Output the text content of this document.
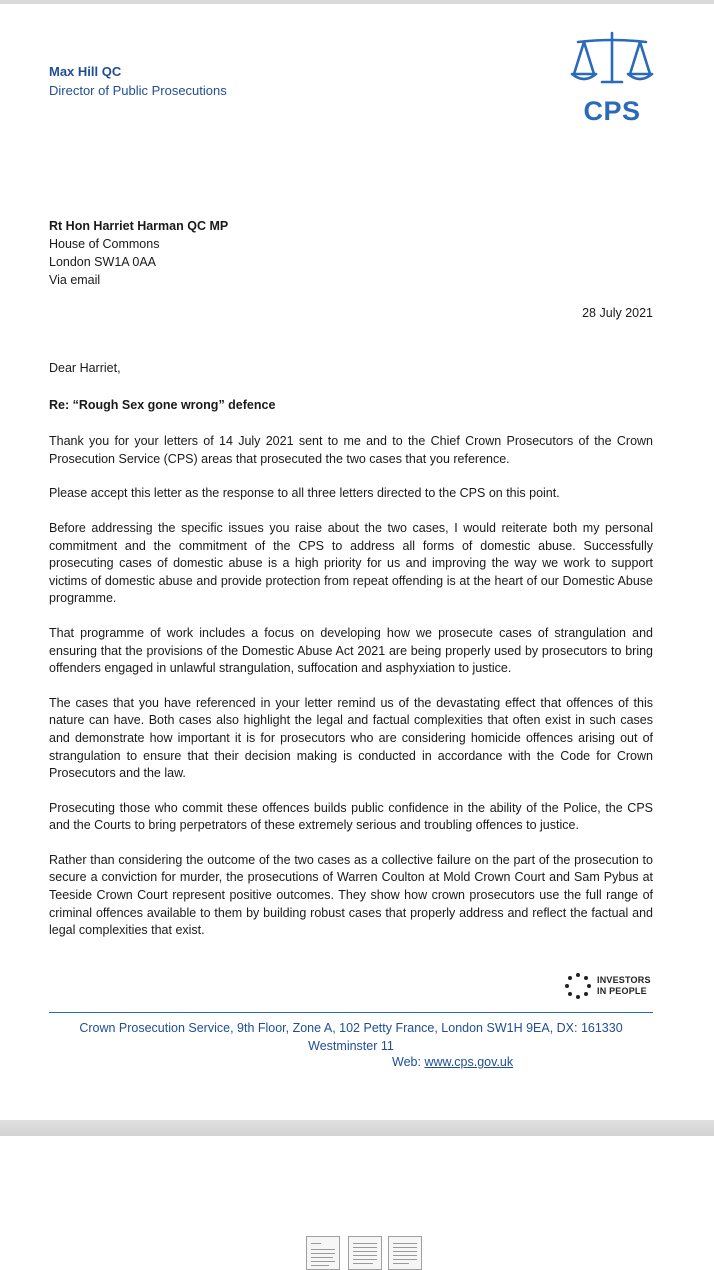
Max Hill QC
Director of Public Prosecutions
CPS
Rt Hon Harriet Harman QC MP
House of Commons
London SW1A 0AA
Via email
28 July 2021

Dear Harriet,

Re: “Rough Sex gone wrong” defence

Thank you for your letters of 14 July 2021 sent to me and to the Chief Crown Prosecutors of the Crown Prosecution Service (CPS) areas that prosecuted the two cases that you reference.

Please accept this letter as the response to all three letters directed to the CPS on this point.

Before addressing the specific issues you raise about the two cases, I would reiterate both my personal commitment and the commitment of the CPS to address all forms of domestic abuse. Successfully prosecuting cases of domestic abuse is a high priority for us and improving the way we work to support victims of domestic abuse and provide protection from repeat offending is at the heart of our Domestic Abuse programme.

That programme of work includes a focus on developing how we prosecute cases of strangulation and ensuring that the provisions of the Domestic Abuse Act 2021 are being properly used by prosecutors to bring offenders engaged in unlawful strangulation, suffocation and asphyxiation to justice.

The cases that you have referenced in your letter remind us of the devastating effect that offences of this nature can have. Both cases also highlight the legal and factual complexities that often exist in such cases and demonstrate how important it is for prosecutors who are considering homicide offences arising out of strangulation to ensure that their decision making is conducted in accordance with the Code for Crown Prosecutors and the law.

Prosecuting those who commit these offences builds public confidence in the ability of the Police, the CPS and the Courts to bring perpetrators of these extremely serious and troubling offences to justice.

Rather than considering the outcome of the two cases as a collective failure on the part of the prosecution to secure a conviction for murder, the prosecutions of Warren Coulton at Mold Crown Court and Sam Pybus at Teeside Crown Court represent positive outcomes. They show how crown prosecutors use the full range of criminal offences available to them by building robust cases that properly address and reflect the factual and legal complexities that exist.

INVESTORS
IN PEOPLE
Crown Prosecution Service, 9th Floor, Zone A, 102 Petty France, London SW1H 9EA, DX: 161330
Westminster 11
Web: www.cps.gov.uk
